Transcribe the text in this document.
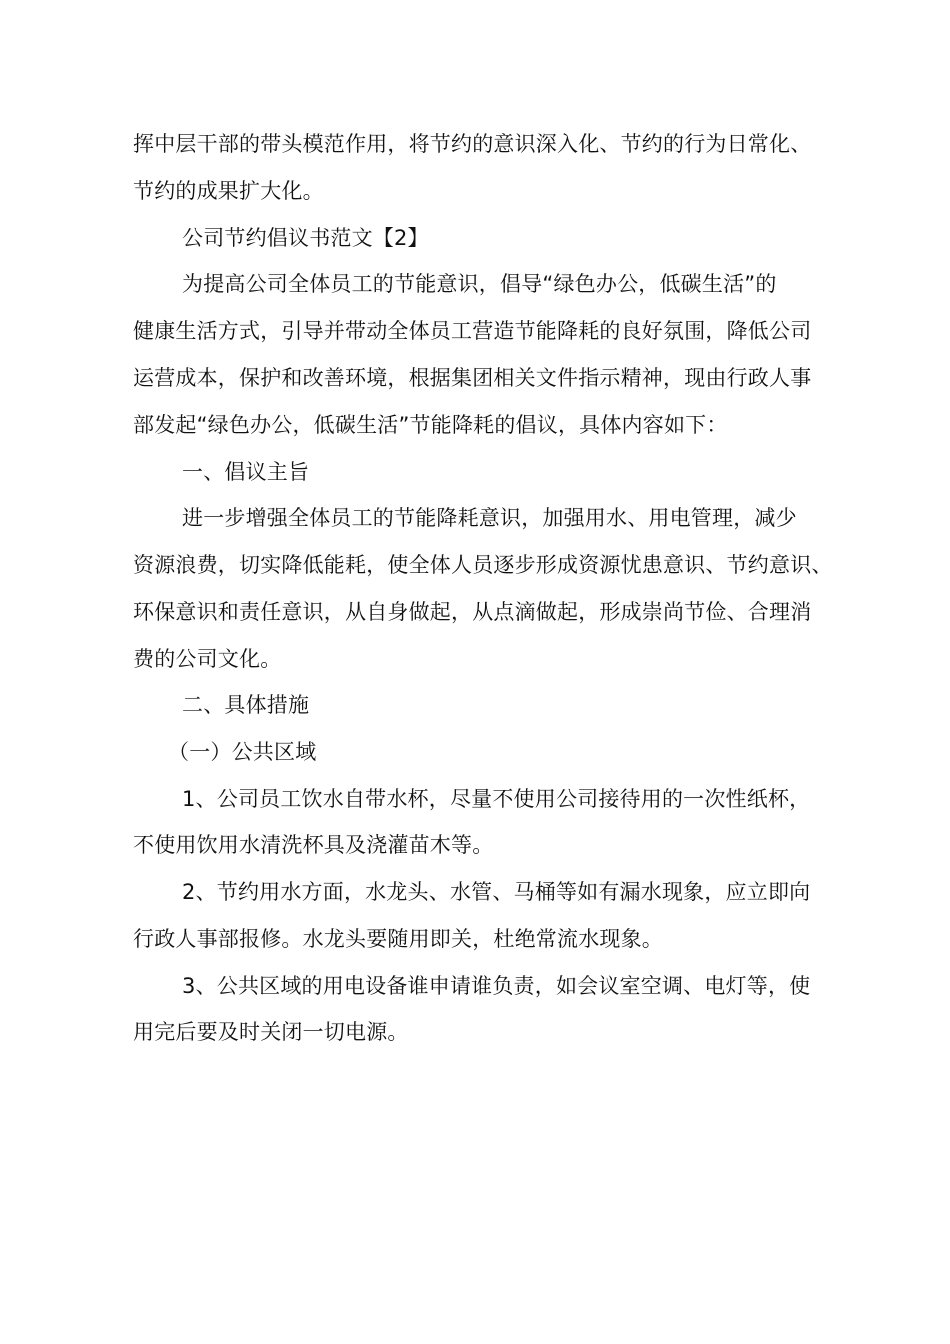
挥中层干部的带头模范作用，将节约的意识深入化、节约的行为日常化、
节约的成果扩大化。
公司节约倡议书范文【2】
为提高公司全体员工的节能意识，倡导“绿色办公，低碳生活”的
健康生活方式，引导并带动全体员工营造节能降耗的良好氛围，降低公司
运营成本，保护和改善环境，根据集团相关文件指示精神，现由行政人事
部发起“绿色办公，低碳生活”节能降耗的倡议，具体内容如下：
一、倡议主旨
进一步增强全体员工的节能降耗意识，加强用水、用电管理，减少
资源浪费，切实降低能耗，使全体人员逐步形成资源忧患意识、节约意识、
环保意识和责任意识，从自身做起，从点滴做起，形成崇尚节俭、合理消
费的公司文化。
二、具体措施
（一）公共区域
1、公司员工饮水自带水杯，尽量不使用公司接待用的一次性纸杯，
不使用饮用水清洗杯具及浇灌苗木等。
2、节约用水方面，水龙头、水管、马桶等如有漏水现象，应立即向
行政人事部报修。水龙头要随用即关，杜绝常流水现象。
3、公共区域的用电设备谁申请谁负责，如会议室空调、电灯等，使
用完后要及时关闭一切电源。
